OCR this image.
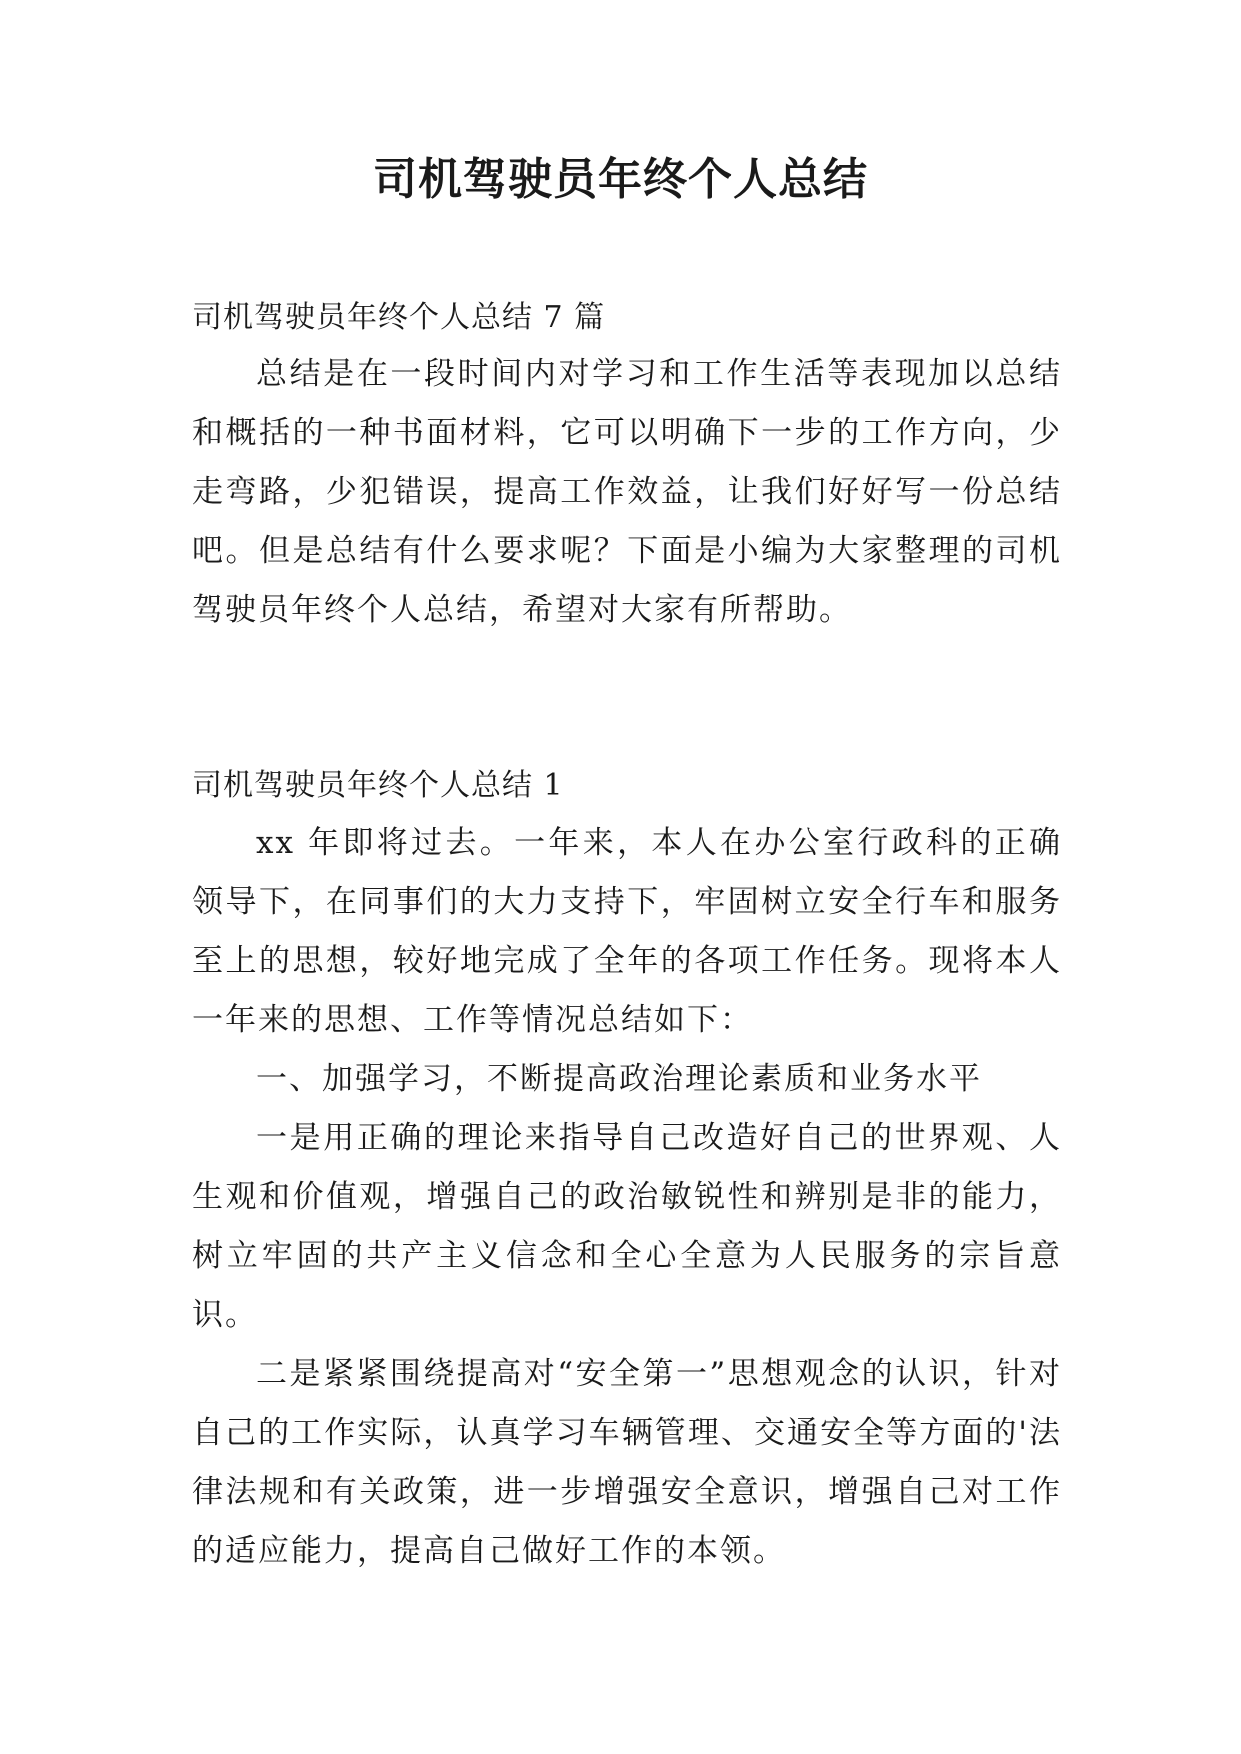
司机驾驶员年终个人总结
司机驾驶员年终个人总结 7 篇
总结是在一段时间内对学习和工作生活等表现加以总结和概括的一种书面材料，它可以明确下一步的工作方向，少走弯路，少犯错误，提高工作效益，让我们好好写一份总结吧。但是总结有什么要求呢？下面是小编为大家整理的司机驾驶员年终个人总结，希望对大家有所帮助。
司机驾驶员年终个人总结 1
xx 年即将过去。一年来，本人在办公室行政科的正确领导下，在同事们的大力支持下，牢固树立安全行车和服务至上的思想，较好地完成了全年的各项工作任务。现将本人一年来的思想、工作等情况总结如下：
一、加强学习，不断提高政治理论素质和业务水平
一是用正确的理论来指导自己改造好自己的世界观、人生观和价值观，增强自己的政治敏锐性和辨别是非的能力，树立牢固的共产主义信念和全心全意为人民服务的宗旨意识。
二是紧紧围绕提高对“安全第一”思想观念的认识，针对自己的工作实际，认真学习车辆管理、交通安全等方面的'法律法规和有关政策，进一步增强安全意识，增强自己对工作的适应能力，提高自己做好工作的本领。
